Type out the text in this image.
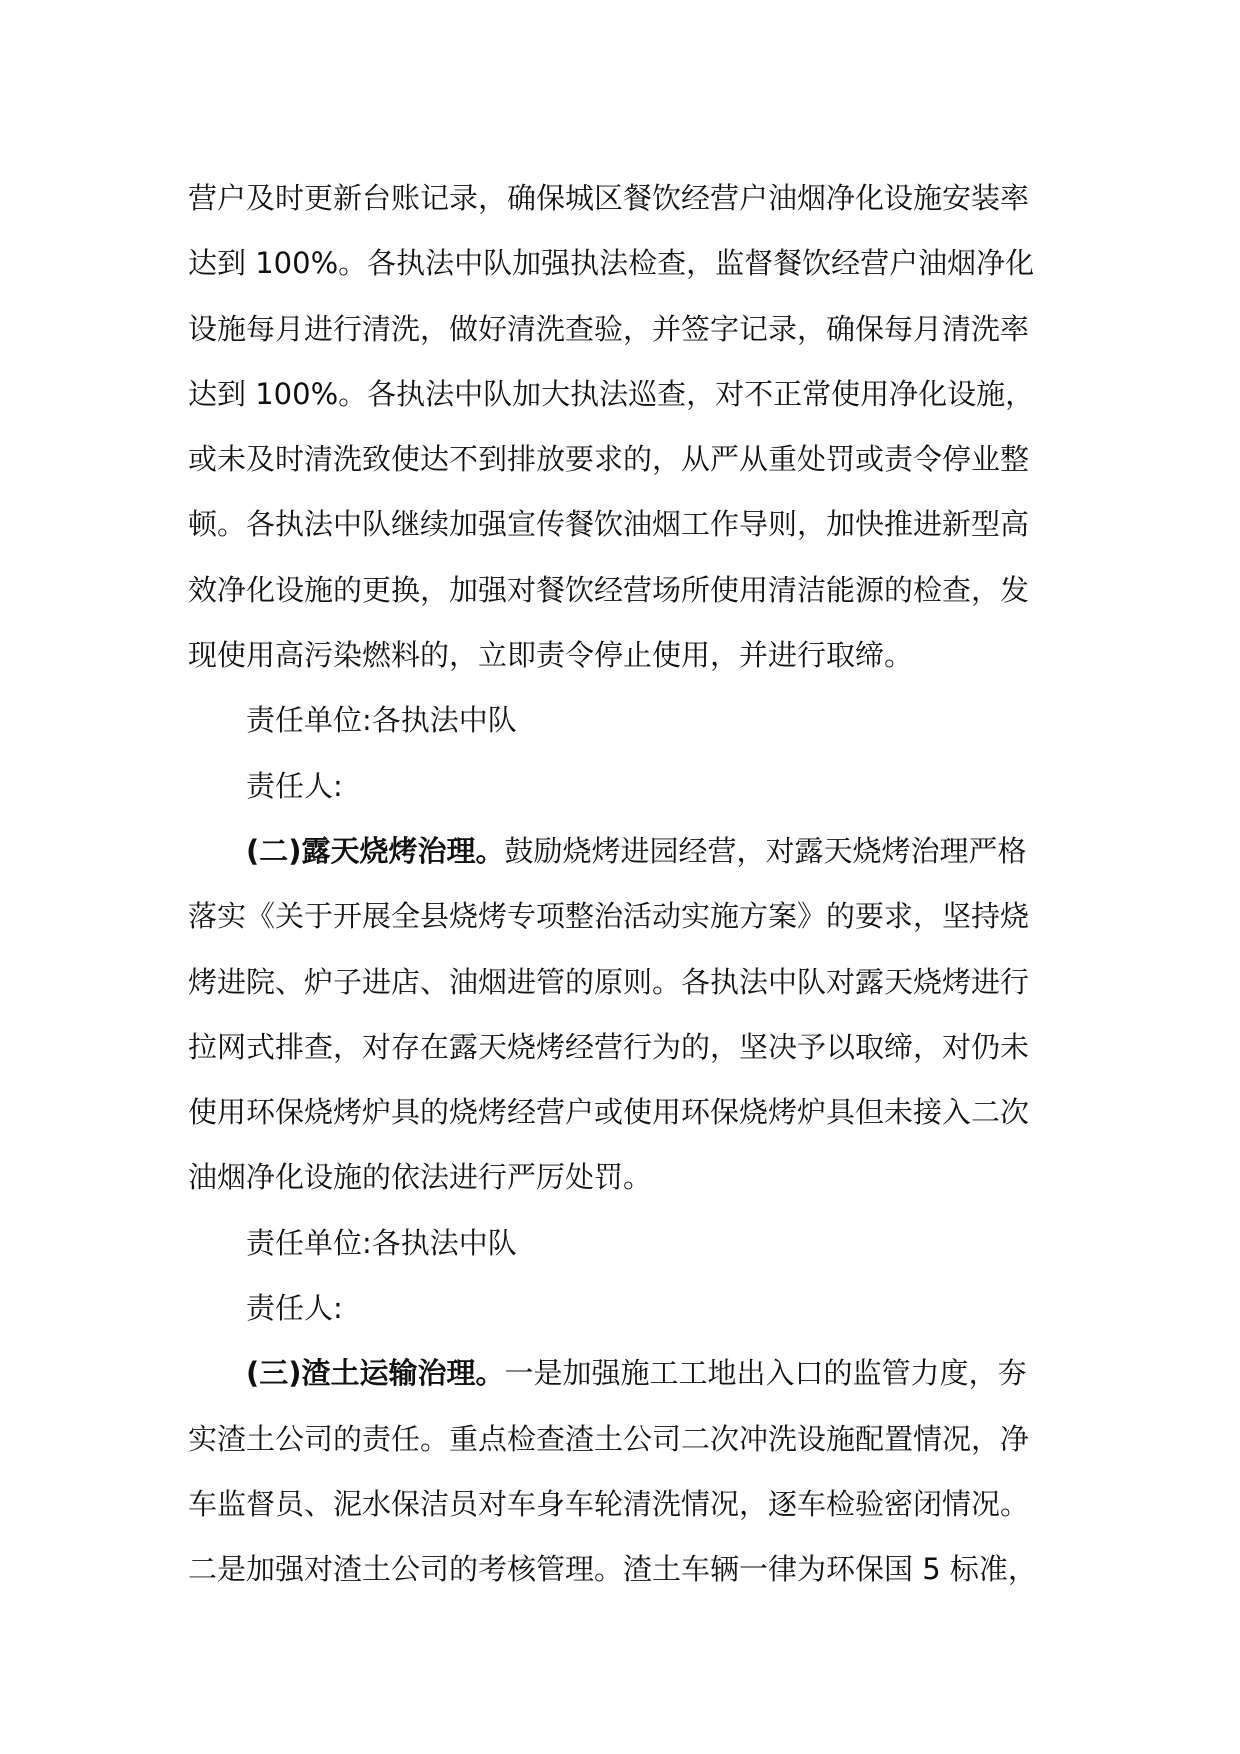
营户及时更新台账记录，确保城区餐饮经营户油烟净化设施安装率
达到 100%。各执法中队加强执法检查，监督餐饮经营户油烟净化
设施每月进行清洗，做好清洗查验，并签字记录，确保每月清洗率
达到 100%。各执法中队加大执法巡查，对不正常使用净化设施，
或未及时清洗致使达不到排放要求的，从严从重处罚或责令停业整
顿。各执法中队继续加强宣传餐饮油烟工作导则，加快推进新型高
效净化设施的更换，加强对餐饮经营场所使用清洁能源的检查，发
现使用高污染燃料的，立即责令停止使用，并进行取缔。
责任单位:各执法中队
责任人:
(二)露天烧烤治理。鼓励烧烤进园经营，对露天烧烤治理严格
落实《关于开展全县烧烤专项整治活动实施方案》的要求，坚持烧
烤进院、炉子进店、油烟进管的原则。各执法中队对露天烧烤进行
拉网式排查，对存在露天烧烤经营行为的，坚决予以取缔，对仍未
使用环保烧烤炉具的烧烤经营户或使用环保烧烤炉具但未接入二次
油烟净化设施的依法进行严厉处罚。
责任单位:各执法中队
责任人:
(三)渣土运输治理。一是加强施工工地出入口的监管力度，夯
实渣土公司的责任。重点检查渣土公司二次冲洗设施配置情况，净
车监督员、泥水保洁员对车身车轮清洗情况，逐车检验密闭情况。
二是加强对渣土公司的考核管理。渣土车辆一律为环保国 5 标准，
